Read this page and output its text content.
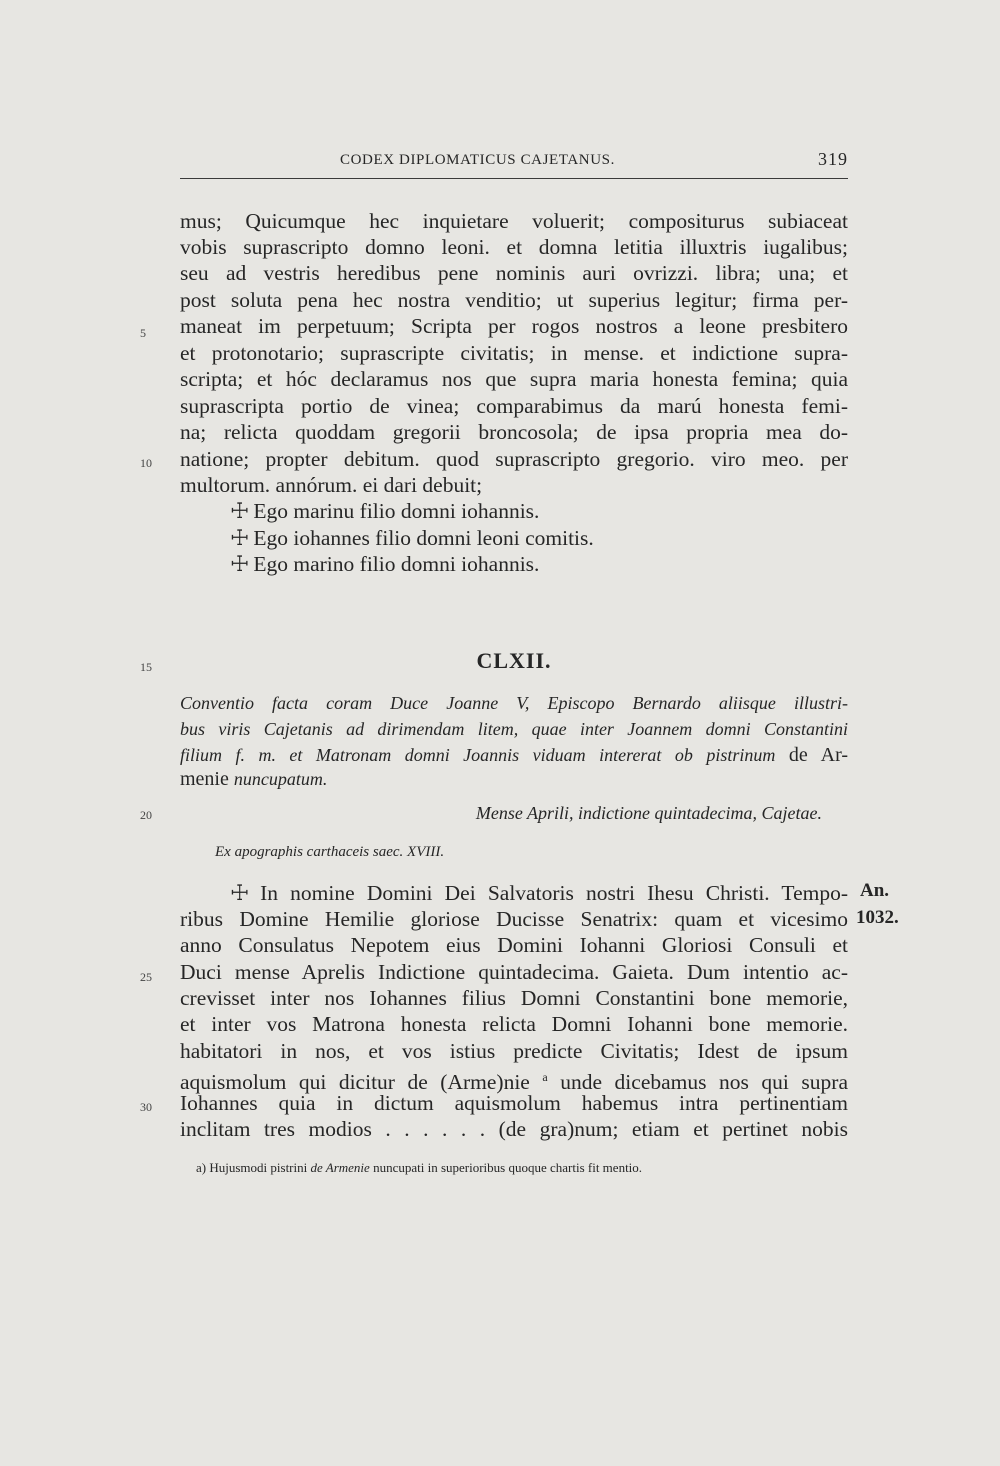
CODEX DIPLOMATICUS CAJETANUS.	319
5
10
15
20
25
30
mus; Quicumque hec inquietare voluerit; compositurus subiaceat
vobis suprascripto domno leoni. et domna letitia illuxtris iugalibus;
seu ad vestris heredibus pene nominis auri ovrizzi. libra; una; et
post soluta pena hec nostra venditio; ut superius legitur; firma per-
maneat im perpetuum; Scripta per rogos nostros a leone presbitero
et protonotario; suprascripte civitatis; in mense. et indictione supra-
scripta; et hóc declaramus nos que supra maria honesta femina; quia
suprascripta portio de vinea; comparabimus da marú honesta femi-
na; relicta quoddam gregorii broncosola; de ipsa propria mea do-
natione; propter debitum. quod suprascripto gregorio. viro meo. per
multorum. annórum. ei dari debuit;
☩ Ego marinu filio domni iohannis.
☩ Ego iohannes filio domni leoni comitis.
☩ Ego marino filio domni iohannis.
CLXII.
Conventio facta coram Duce Joanne V, Episcopo Bernardo aliisque illustri-
bus viris Cajetanis ad dirimendam litem, quae inter Joannem domni Constantini
filium f. m. et Matronam domni Joannis viduam intererat ob pistrinum de Ar-
menie nuncupatum.
Mense Aprili, indictione quintadecima, Cajetae.
Ex apographis carthaceis saec. XVIII.
An.
1032.
☩ In nomine Domini Dei Salvatoris nostri Ihesu Christi. Tempo-
ribus Domine Hemilie gloriose Ducisse Senatrix: quam et vicesimo
anno Consulatus Nepotem eius Domini Iohanni Gloriosi Consuli et
Duci mense Aprelis Indictione quintadecima. Gaieta. Dum intentio ac-
crevisset inter nos Iohannes filius Domni Constantini bone memorie,
et inter vos Matrona honesta relicta Domni Iohanni bone memorie.
habitatori in nos, et vos istius predicte Civitatis; Idest de ipsum
aquismolum qui dicitur de (Arme)nie $^a$ unde dicebamus nos qui supra
Iohannes quia in dictum aquismolum habemus intra pertinentiam
inclitam tres modios . . . . . . (de gra)num; etiam et pertinet nobis
a) Hujusmodi pistrini de Armenie nuncupati in superioribus quoque chartis fit mentio.
